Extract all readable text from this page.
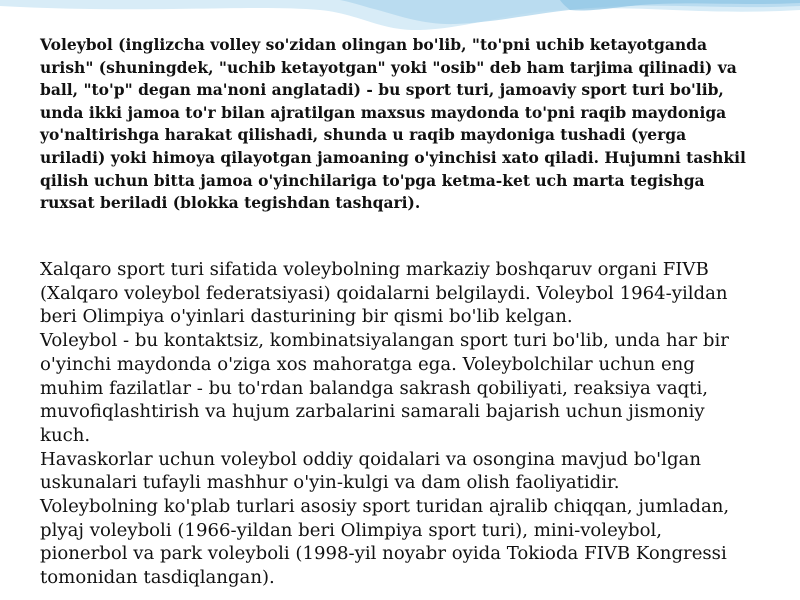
Voleybol (inglizcha volley so'zidan olingan bo'lib, "to'pni uchib ketayotganda
urish" (shuningdek, "uchib ketayotgan" yoki "osib" deb ham tarjima qilinadi) va
ball, "to'p" degan ma'noni anglatadi) - bu sport turi, jamoaviy sport turi bo'lib,
unda ikki jamoa to'r bilan ajratilgan maxsus maydonda to'pni raqib maydoniga
yo'naltirishga harakat qilishadi, shunda u raqib maydoniga tushadi (yerga
uriladi) yoki himoya qilayotgan jamoaning o'yinchisi xato qiladi. Hujumni tashkil
qilish uchun bitta jamoa o'yinchilariga to'pga ketma-ket uch marta tegishga
ruxsat beriladi (blokka tegishdan tashqari).

Xalqaro sport turi sifatida voleybolning markaziy boshqaruv organi FIVB
(Xalqaro voleybol federatsiyasi) qoidalarni belgilaydi. Voleybol 1964-yildan
beri Olimpiya o'yinlari dasturining bir qismi bo'lib kelgan.
Voleybol - bu kontaktsiz, kombinatsiyalangan sport turi bo'lib, unda har bir
o'yinchi maydonda o'ziga xos mahoratga ega. Voleybolchilar uchun eng
muhim fazilatlar - bu to'rdan balandga sakrash qobiliyati, reaksiya vaqti,
muvofiqlashtirish va hujum zarbalarini samarali bajarish uchun jismoniy
kuch.
Havaskorlar uchun voleybol oddiy qoidalari va osongina mavjud bo'lgan
uskunalari tufayli mashhur o'yin-kulgi va dam olish faoliyatidir.
Voleybolning ko'plab turlari asosiy sport turidan ajralib chiqqan, jumladan,
plyaj voleyboli (1966-yildan beri Olimpiya sport turi), mini-voleybol,
pionerbol va park voleyboli (1998-yil noyabr oyida Tokioda FIVB Kongressi
tomonidan tasdiqlangan).
